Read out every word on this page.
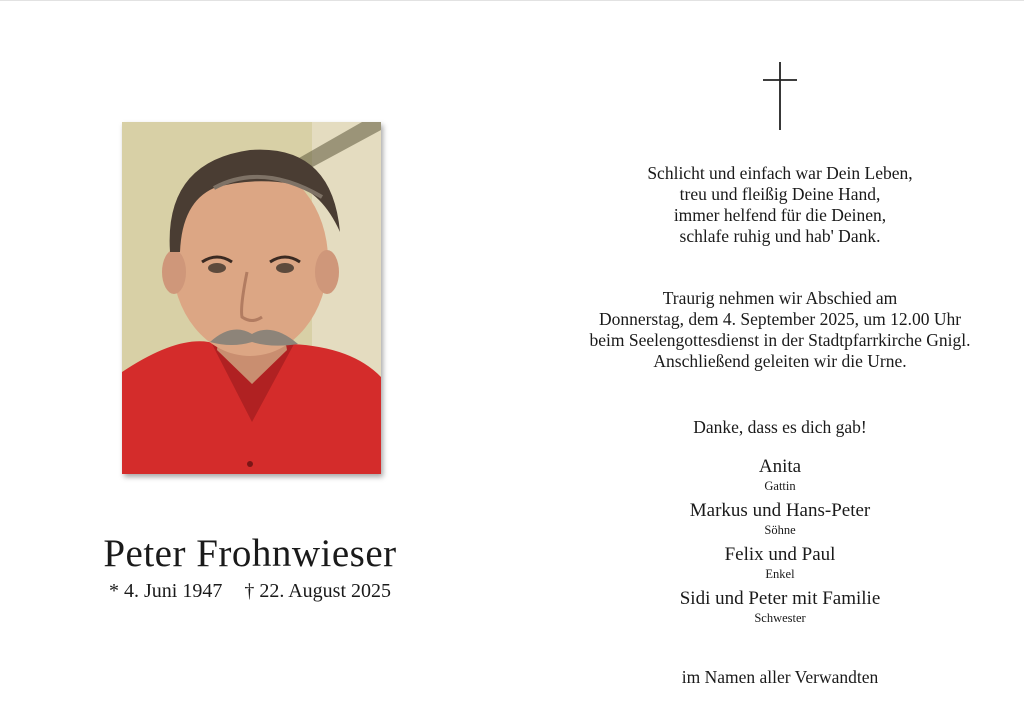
Peter Frohnwieser
* 4. Juni 1947 † 22. August 2025
Schlicht und einfach war Dein Leben,
treu und fleißig Deine Hand,
immer helfend für die Deinen,
schlafe ruhig und hab' Dank.
Traurig nehmen wir Abschied am
Donnerstag, dem 4. September 2025, um 12.00 Uhr
beim Seelengottesdienst in der Stadtpfarrkirche Gnigl.
Anschließend geleiten wir die Urne.
Danke, dass es dich gab!
Anita
Gattin
Markus und Hans-Peter
Söhne
Felix und Paul
Enkel
Sidi und Peter mit Familie
Schwester
im Namen aller Verwandten
